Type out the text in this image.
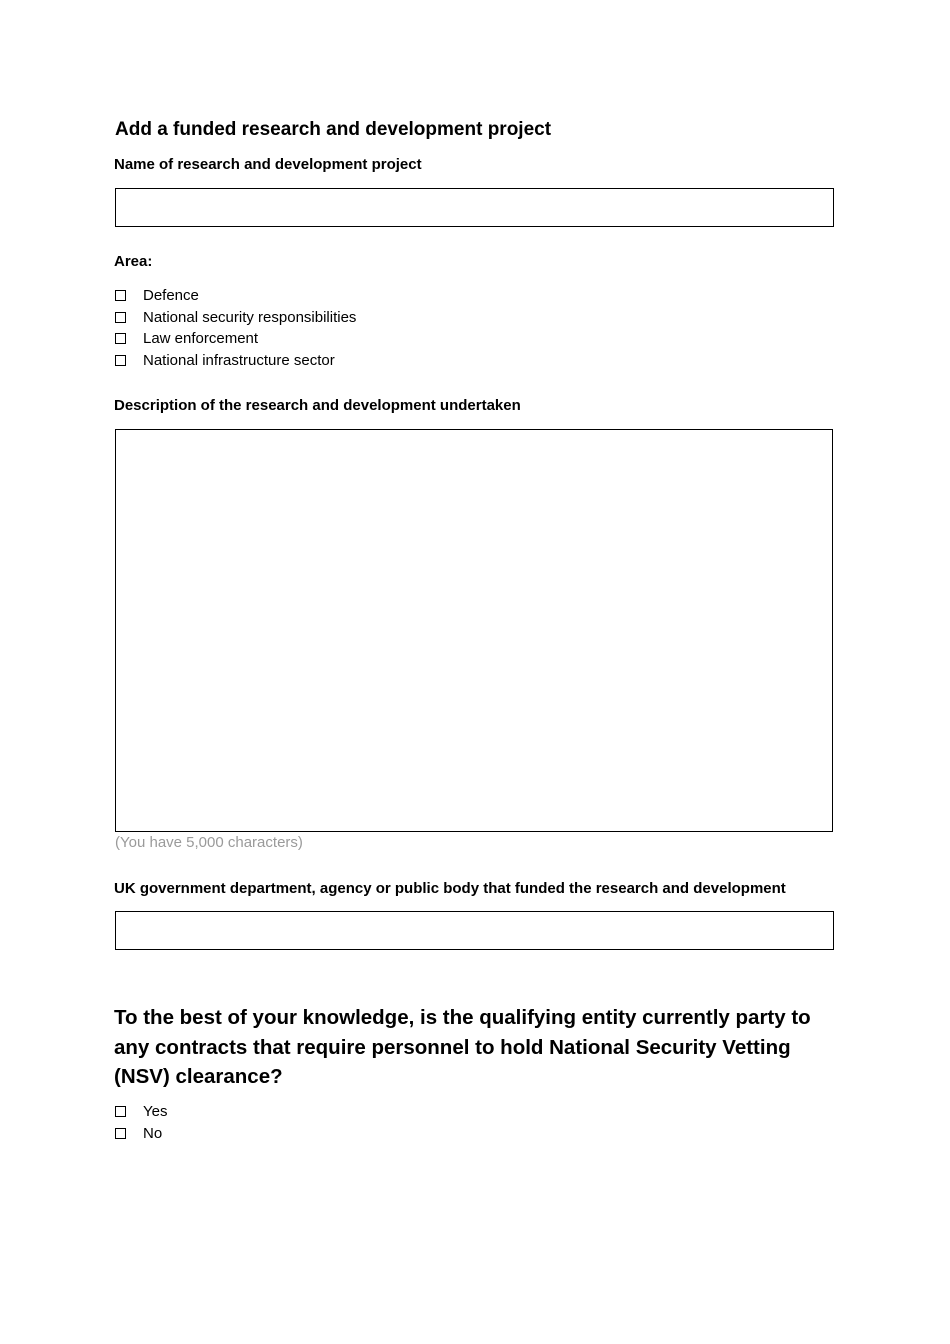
Add a funded research and development project
Name of research and development project
Area:
Defence
National security responsibilities
Law enforcement
National infrastructure sector
Description of the research and development undertaken
(You have 5,000 characters)
UK government department, agency or public body that funded the research and development
To the best of your knowledge, is the qualifying entity currently party to any contracts that require personnel to hold National Security Vetting (NSV) clearance?
Yes
No
